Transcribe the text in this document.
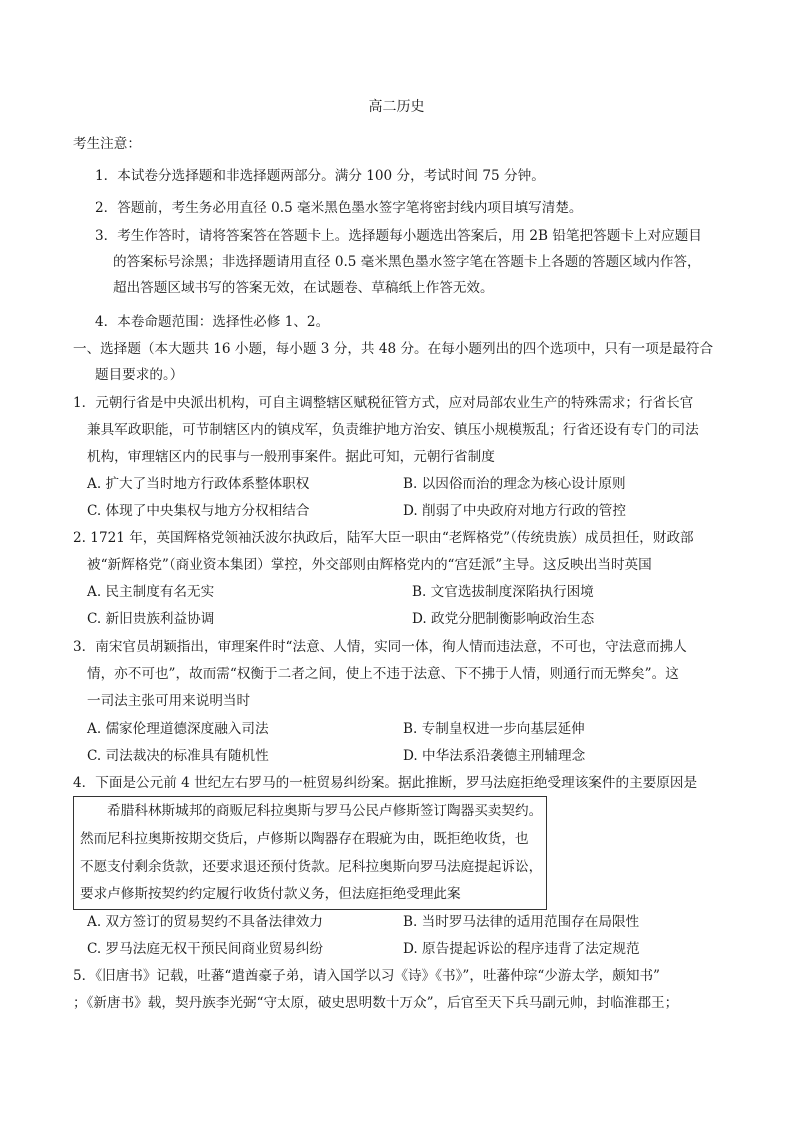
高二历史
考生注意：
1．本试卷分选择题和非选择题两部分。满分 100 分，考试时间 75 分钟。
2．答题前，考生务必用直径 0.5 毫米黑色墨水签字笔将密封线内项目填写清楚。
3．考生作答时，请将答案答在答题卡上。选择题每小题选出答案后，用 2B 铅笔把答题卡上对应题目
的答案标号涂黑；非选择题请用直径 0.5 毫米黑色墨水签字笔在答题卡上各题的答题区域内作答，
超出答题区域书写的答案无效，在试题卷、草稿纸上作答无效。
4．本卷命题范围：选择性必修 1、2。
一、选择题（本大题共 16 小题，每小题 3 分，共 48 分。在每小题列出的四个选项中，只有一项是最符合
题目要求的。）
1．元朝行省是中央派出机构，可自主调整辖区赋税征管方式，应对局部农业生产的特殊需求；行省长官
兼具军政职能，可节制辖区内的镇戍军，负责维护地方治安、镇压小规模叛乱；行省还设有专门的司法
机构，审理辖区内的民事与一般刑事案件。据此可知，元朝行省制度
A. 扩大了当时地方行政体系整体职权	B. 以因俗而治的理念为核心设计原则
C. 体现了中央集权与地方分权相结合	D. 削弱了中央政府对地方行政的管控
2. 1721 年，英国辉格党领袖沃波尔执政后，陆军大臣一职由“老辉格党”（传统贵族）成员担任，财政部
被“新辉格党”（商业资本集团）掌控，外交部则由辉格党内的“宫廷派”主导。这反映出当时英国
A. 民主制度有名无实	B. 文官选拔制度深陷执行困境
C. 新旧贵族利益协调	D. 政党分肥制衡影响政治生态
3．南宋官员胡颖指出，审理案件时“法意、人情，实同一体，徇人情而违法意，不可也，守法意而拂人
情，亦不可也”，故而需“权衡于二者之间，使上不违于法意、下不拂于人情，则通行而无弊矣”。这
一司法主张可用来说明当时
A. 儒家伦理道德深度融入司法	B. 专制皇权进一步向基层延伸
C. 司法裁决的标准具有随机性	D. 中华法系沿袭德主刑辅理念
4．下面是公元前 4 世纪左右罗马的一桩贸易纠纷案。据此推断，罗马法庭拒绝受理该案件的主要原因是
　　希腊科林斯城邦的商贩尼科拉奥斯与罗马公民卢修斯签订陶器买卖契约。
然而尼科拉奥斯按期交货后，卢修斯以陶器存在瑕疵为由，既拒绝收货，也
不愿支付剩余货款，还要求退还预付货款。尼科拉奥斯向罗马法庭提起诉讼，
要求卢修斯按契约约定履行收货付款义务，但法庭拒绝受理此案
A. 双方签订的贸易契约不具备法律效力	B. 当时罗马法律的适用范围存在局限性
C. 罗马法庭无权干预民间商业贸易纠纷	D. 原告提起诉讼的程序违背了法定规范
5．《旧唐书》记载，吐蕃“遣酋豪子弟，请入国学以习《诗》《书》”，吐蕃仲琮“少游太学，颇知书”
；《新唐书》载，契丹族李光弼“守太原，破史思明数十万众”，后官至天下兵马副元帅，封临淮郡王；
